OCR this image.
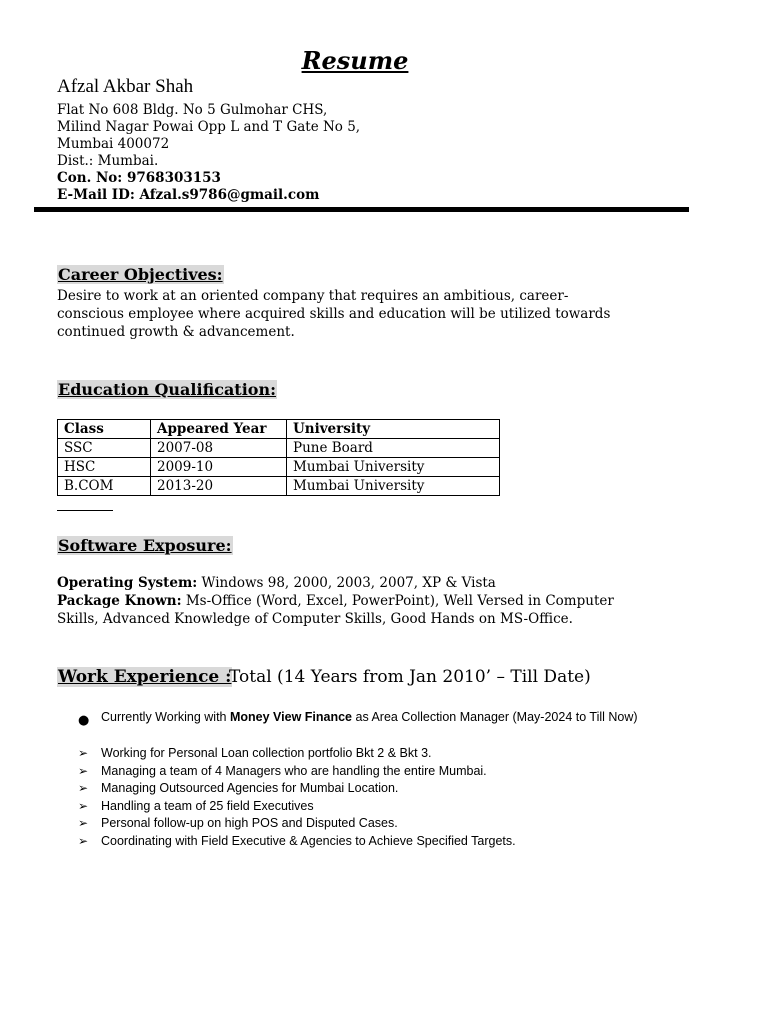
Resume
Afzal Akbar Shah
Flat No 608 Bldg. No 5 Gulmohar CHS,
Milind Nagar Powai Opp L and T Gate No 5,
Mumbai 400072
Dist.: Mumbai.
Con. No: 9768303153
E-Mail ID: Afzal.s9786@gmail.com
Career Objectives:
Desire to work at an oriented company that requires an ambitious, career-
conscious employee where acquired skills and education will be utilized towards
continued growth & advancement.
Education Qualification:
Class	Appeared Year	University
SSC	2007-08	Pune Board
HSC	2009-10	Mumbai University
B.COM	2013-20	Mumbai University
Software Exposure:
Operating System: Windows 98, 2000, 2003, 2007, XP & Vista
Package Known: Ms-Office (Word, Excel, PowerPoint), Well Versed in Computer
Skills, Advanced Knowledge of Computer Skills, Good Hands on MS-Office.
Work Experience :
Total (14 Years from Jan 2010’ – Till Date)
● Currently Working with Money View Finance as Area Collection Manager (May-2024 to Till Now)
➢ Working for Personal Loan collection portfolio Bkt 2 & Bkt 3.
➢ Managing a team of 4 Managers who are handling the entire Mumbai.
➢ Managing Outsourced Agencies for Mumbai Location.
➢ Handling a team of 25 field Executives
➢ Personal follow-up on high POS and Disputed Cases.
➢ Coordinating with Field Executive & Agencies to Achieve Specified Targets.
